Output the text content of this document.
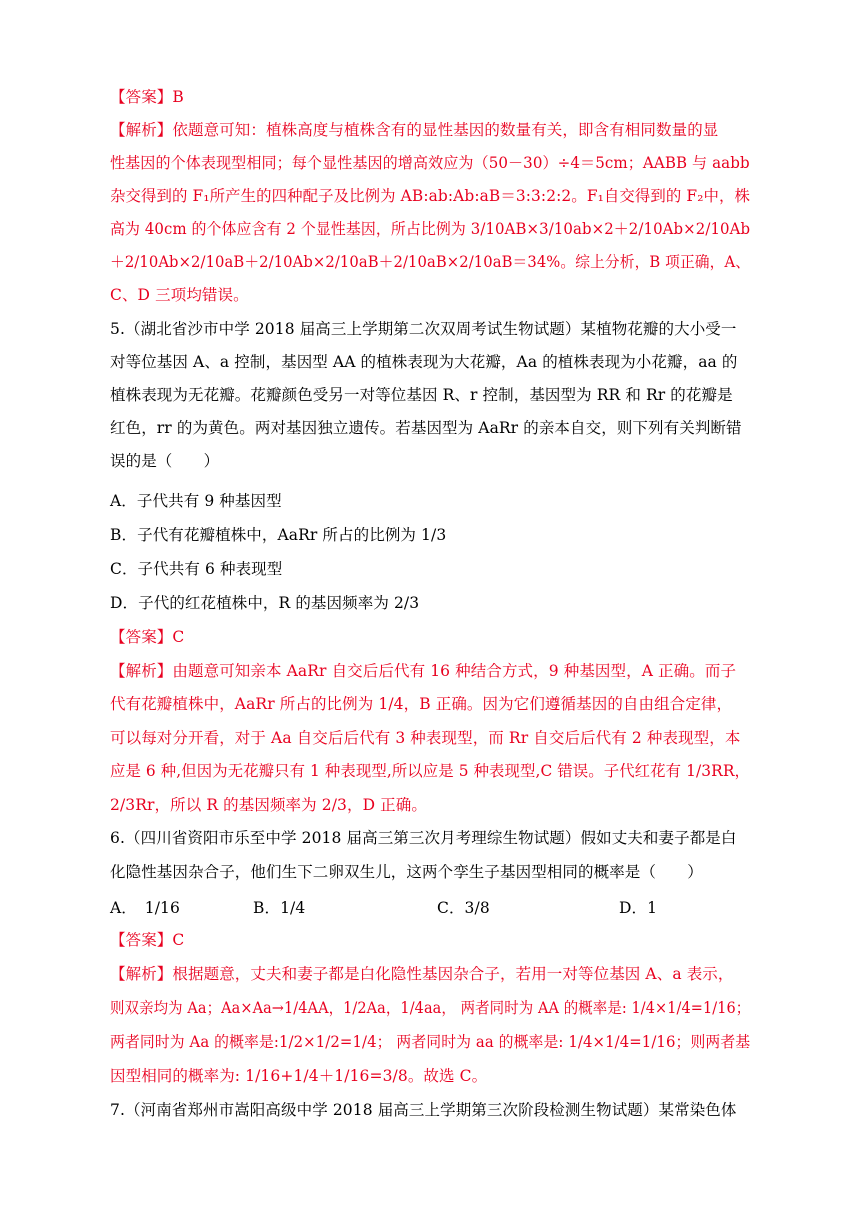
【答案】B
【解析】依题意可知：植株高度与植株含有的显性基因的数量有关，即含有相同数量的显
性基因的个体表现型相同；每个显性基因的增高效应为（50－30）÷4＝5cm；AABB 与 aabb
杂交得到的 F₁所产生的四种配子及比例为 AB:ab:Ab:aB＝3:3:2:2。F₁自交得到的 F₂中，株
高为 40cm 的个体应含有 2 个显性基因，所占比例为 3/10AB×3/10ab×2＋2/10Ab×2/10Ab
＋2/10Ab×2/10aB＋2/10Ab×2/10aB＋2/10aB×2/10aB＝34%。综上分析，B 项正确，A、
C、D 三项均错误。
5.（湖北省沙市中学 2018 届高三上学期第二次双周考试生物试题）某植物花瓣的大小受一
对等位基因 A、a 控制，基因型 AA 的植株表现为大花瓣，Aa 的植株表现为小花瓣，aa 的
植株表现为无花瓣。花瓣颜色受另一对等位基因 R、r 控制，基因型为 RR 和 Rr 的花瓣是
红色，rr 的为黄色。两对基因独立遗传。若基因型为 AaRr 的亲本自交，则下列有关判断错
误的是（　　）
A．子代共有 9 种基因型
B．子代有花瓣植株中，AaRr 所占的比例为 1/3
C．子代共有 6 种表现型
D．子代的红花植株中，R 的基因频率为 2/3
【答案】C
【解析】由题意可知亲本 AaRr 自交后后代有 16 种结合方式，9 种基因型，A 正确。而子
代有花瓣植株中，AaRr 所占的比例为 1/4，B 正确。因为它们遵循基因的自由组合定律，
可以每对分开看，对于 Aa 自交后后代有 3 种表现型，而 Rr 自交后后代有 2 种表现型，本
应是 6 种,但因为无花瓣只有 1 种表现型,所以应是 5 种表现型,C 错误。子代红花有 1/3RR，
2/3Rr，所以 R 的基因频率为 2/3，D 正确。
6.（四川省资阳市乐至中学 2018 届高三第三次月考理综生物试题）假如丈夫和妻子都是白
化隐性基因杂合子，他们生下二卵双生儿，这两个孪生子基因型相同的概率是（　　）
A．　1/16	B．1/4	C．3/8	D．1
【答案】C
【解析】根据题意，丈夫和妻子都是白化隐性基因杂合子，若用一对等位基因 A、a 表示，
则双亲均为 Aa；Aa×Aa→1/4AA，1/2Aa，1/4aa， 两者同时为 AA 的概率是: 1/4×1/4=1/16；
两者同时为 Aa 的概率是:1/2×1/2=1/4； 两者同时为 aa 的概率是: 1/4×1/4=1/16；则两者基
因型相同的概率为: 1/16+1/4＋1/16=3/8。故选 C。
7.（河南省郑州市嵩阳高级中学 2018 届高三上学期第三次阶段检测生物试题）某常染色体
